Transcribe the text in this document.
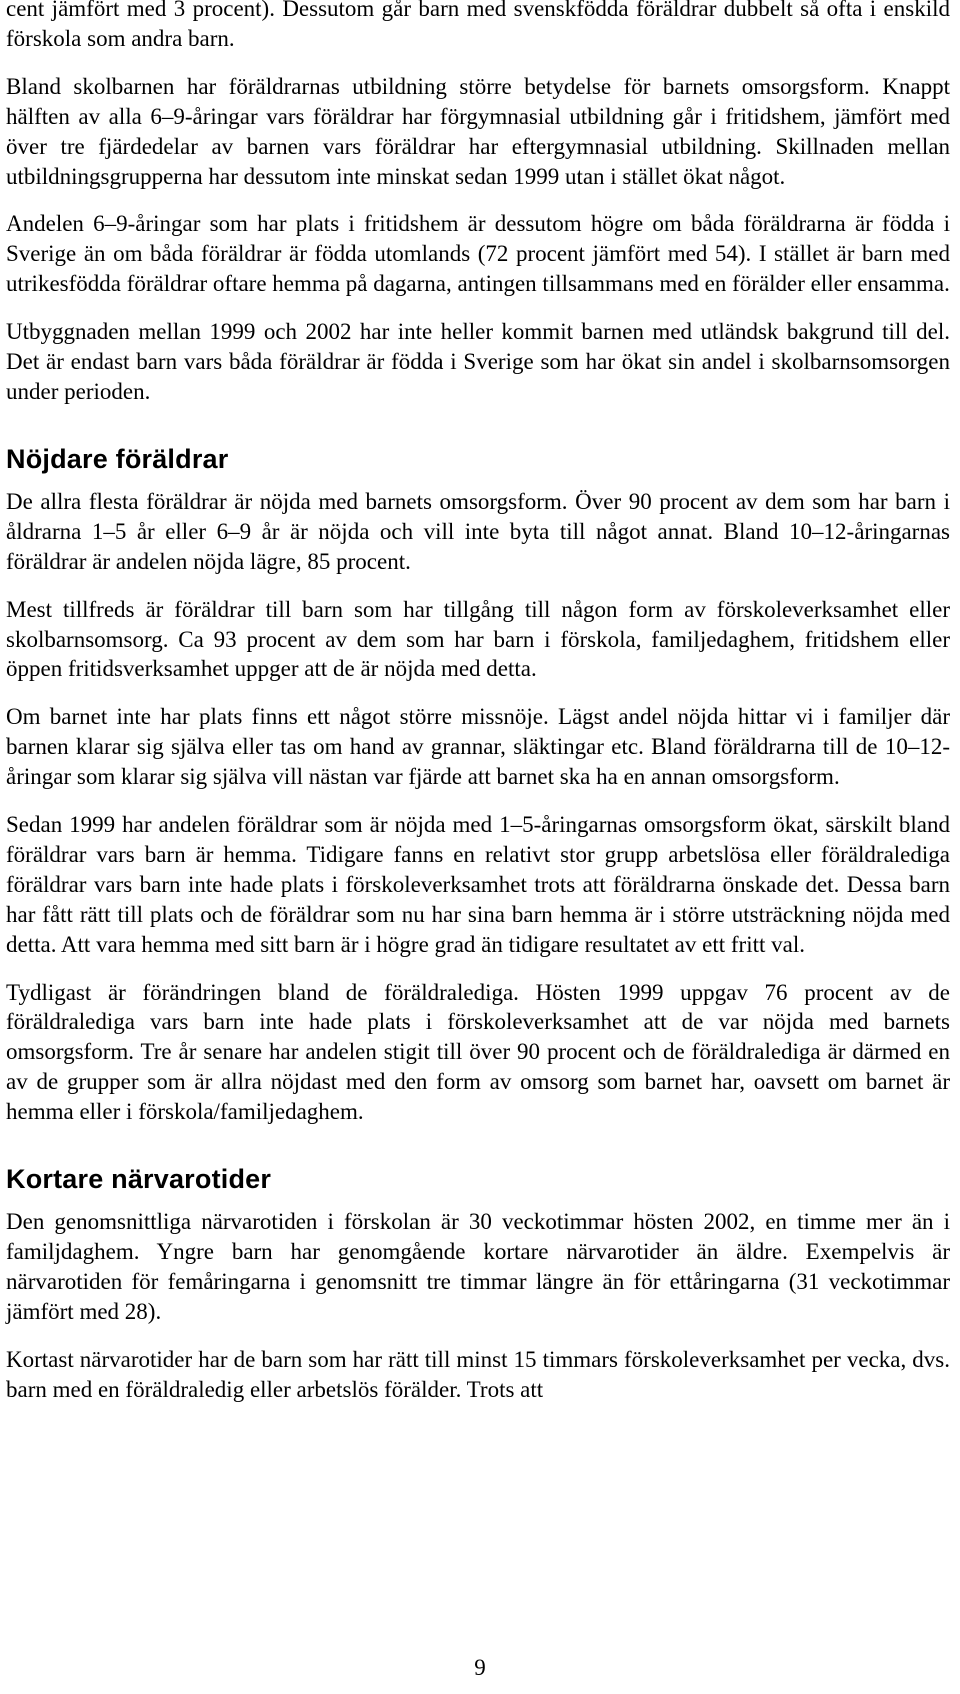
cent jämfört med 3 procent). Dessutom går barn med svenskfödda föräldrar dubbelt så ofta i enskild förskola som andra barn.

Bland skolbarnen har föräldrarnas utbildning större betydelse för barnets omsorgsform. Knappt hälften av alla 6–9-åringar vars föräldrar har förgymnasial utbildning går i fritidshem, jämfört med över tre fjärdedelar av barnen vars föräldrar har eftergymnasial utbildning. Skillnaden mellan utbildningsgrupperna har dessutom inte minskat sedan 1999 utan i stället ökat något.

Andelen 6–9-åringar som har plats i fritidshem är dessutom högre om båda föräldrarna är födda i Sverige än om båda föräldrar är födda utomlands (72 procent jämfört med 54). I stället är barn med utrikesfödda föräldrar oftare hemma på dagarna, antingen tillsammans med en förälder eller ensamma.

Utbyggnaden mellan 1999 och 2002 har inte heller kommit barnen med utländsk bakgrund till del. Det är endast barn vars båda föräldrar är födda i Sverige som har ökat sin andel i skolbarnsomsorgen under perioden.

Nöjdare föräldrar

De allra flesta föräldrar är nöjda med barnets omsorgsform. Över 90 procent av dem som har barn i åldrarna 1–5 år eller 6–9 år är nöjda och vill inte byta till något annat. Bland 10–12-åringarnas föräldrar är andelen nöjda lägre, 85 procent.

Mest tillfreds är föräldrar till barn som har tillgång till någon form av förskoleverksamhet eller skolbarnsomsorg. Ca 93 procent av dem som har barn i förskola, familjedaghem, fritidshem eller öppen fritidsverksamhet uppger att de är nöjda med detta.

Om barnet inte har plats finns ett något större missnöje. Lägst andel nöjda hittar vi i familjer där barnen klarar sig själva eller tas om hand av grannar, släktingar etc. Bland föräldrarna till de 10–12-åringar som klarar sig själva vill nästan var fjärde att barnet ska ha en annan omsorgsform.

Sedan 1999 har andelen föräldrar som är nöjda med 1–5-åringarnas omsorgsform ökat, särskilt bland föräldrar vars barn är hemma. Tidigare fanns en relativt stor grupp arbetslösa eller föräldralediga föräldrar vars barn inte hade plats i förskoleverksamhet trots att föräldrarna önskade det. Dessa barn har fått rätt till plats och de föräldrar som nu har sina barn hemma är i större utsträckning nöjda med detta. Att vara hemma med sitt barn är i högre grad än tidigare resultatet av ett fritt val.

Tydligast är förändringen bland de föräldralediga. Hösten 1999 uppgav 76 procent av de föräldralediga vars barn inte hade plats i förskoleverksamhet att de var nöjda med barnets omsorgsform. Tre år senare har andelen stigit till över 90 procent och de föräldralediga är därmed en av de grupper som är allra nöjdast med den form av omsorg som barnet har, oavsett om barnet är hemma eller i förskola/familjedaghem.

Kortare närvarotider

Den genomsnittliga närvarotiden i förskolan är 30 veckotimmar hösten 2002, en timme mer än i familjdaghem. Yngre barn har genomgående kortare närvarotider än äldre. Exempelvis är närvarotiden för femåringarna i genomsnitt tre timmar längre än för ettåringarna (31 veckotimmar jämfört med 28).

Kortast närvarotider har de barn som har rätt till minst 15 timmars förskoleverksamhet per vecka, dvs. barn med en föräldraledig eller arbetslös förälder. Trots att

9
